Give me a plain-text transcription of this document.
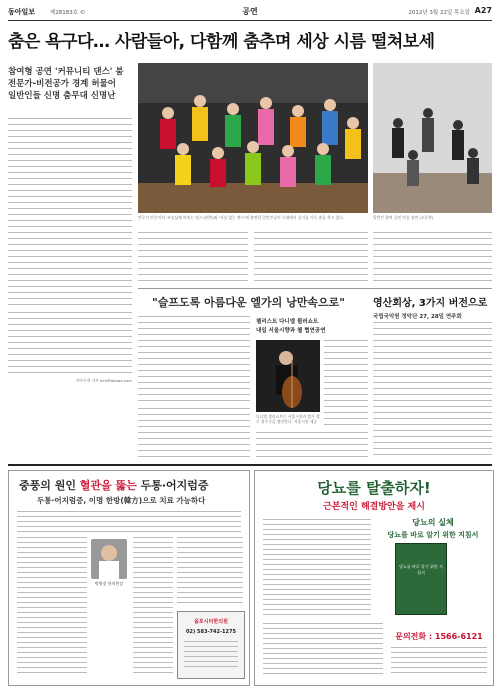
동아일보	제28183호 ©	공연	2012년 3월 22일 목요일 A27
춤은 욕구다… 사람들아, 다함께 춤추며 세상 시름 떨쳐보세
참여형 공연 '커뮤니티 댄스' 붐
전문가-비전공가 경계 허물어
일반인들 신명 춤무대 신명난
김아무개 기자 kim@donga.com
안무가 안은미의 '조상님께 바치는 댄스'(왼쪽)와 '사심 없는 땐스'에 출연한 일반인들이 무대에서 즐거움 가득 춤을 추고 있다.	일반인 참여 공연 연습 장면 (오른쪽)
"슬프도록 아름다운 엘가의 낭만속으로"
첼리스트 다니엘 뮐러쇼트
내일 서울시향과 첼 협연공연
다니엘 뮐러쇼트는 서울시향과 엘가 첼로 협주곡을 협연한다. 서울시향 제공
영산회상, 3가지 버전으로
국립국악원 정악단 27, 28일 연주회
중풍의 원인 혈관을 뚫는 두통·어지럼증
두통·어지럼증, 이명 한방(韓方)으로 치료 가능하다
박원장 한의원장
올포시티한의원
02) 583-742-1275
당뇨를 탈출하자!
근본적인 해결방안을 제시
당뇨의 실체
당뇨를 바로 알기 위한 지침서
당뇨를 바로 알기 위한 지침서
문의전화 : 1566-6121
